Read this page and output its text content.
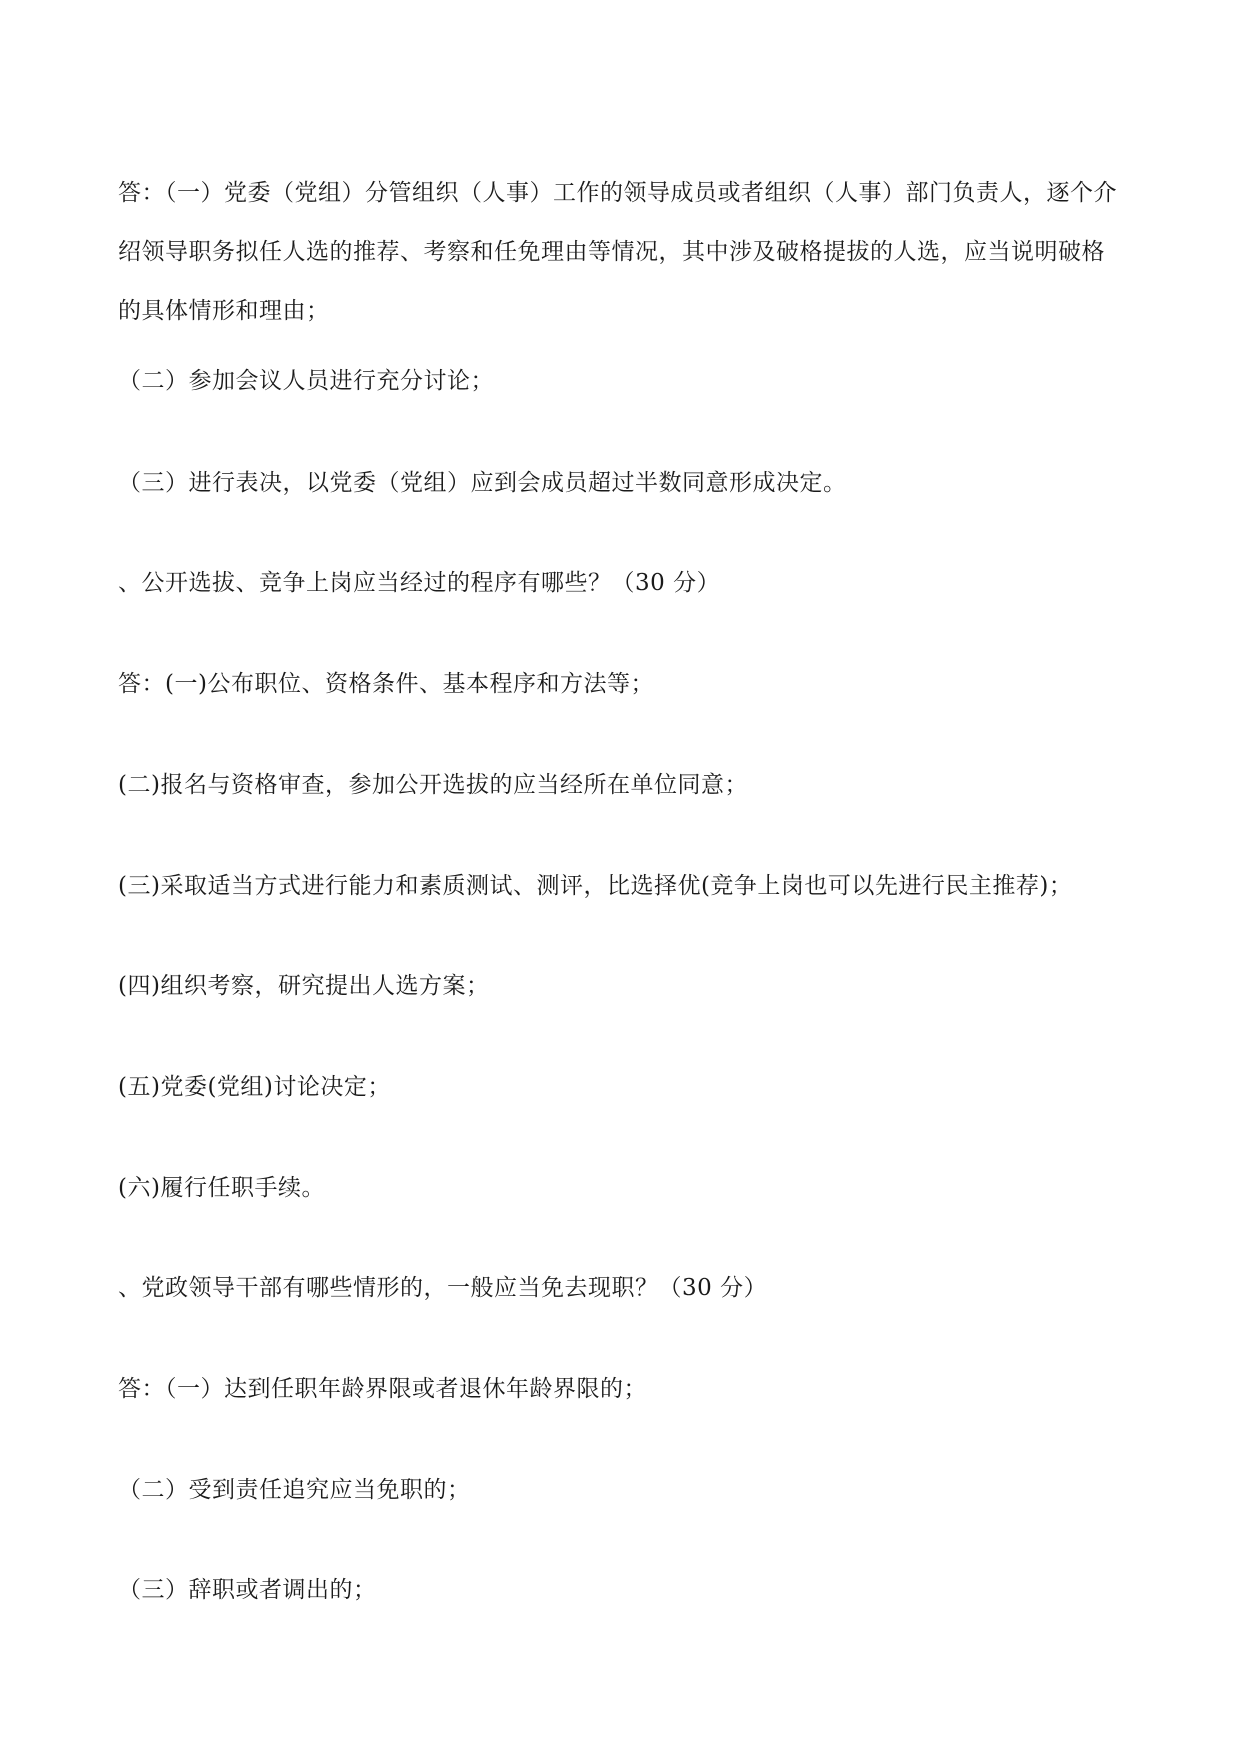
答：（一）党委（党组）分管组织（人事）工作的领导成员或者组织（人事）部门负责人，逐个介绍领导职务拟任人选的推荐、考察和任免理由等情况，其中涉及破格提拔的人选，应当说明破格的具体情形和理由；

（二）参加会议人员进行充分讨论；

（三）进行表决，以党委（党组）应到会成员超过半数同意形成决定。

、公开选拔、竞争上岗应当经过的程序有哪些？（30 分）

答：(一)公布职位、资格条件、基本程序和方法等；

(二)报名与资格审查，参加公开选拔的应当经所在单位同意；

(三)采取适当方式进行能力和素质测试、测评，比选择优(竞争上岗也可以先进行民主推荐)；

(四)组织考察，研究提出人选方案；

(五)党委(党组)讨论决定；

(六)履行任职手续。

、党政领导干部有哪些情形的，一般应当免去现职？（30 分）

答：（一）达到任职年龄界限或者退休年龄界限的；

（二）受到责任追究应当免职的；

（三）辞职或者调出的；
